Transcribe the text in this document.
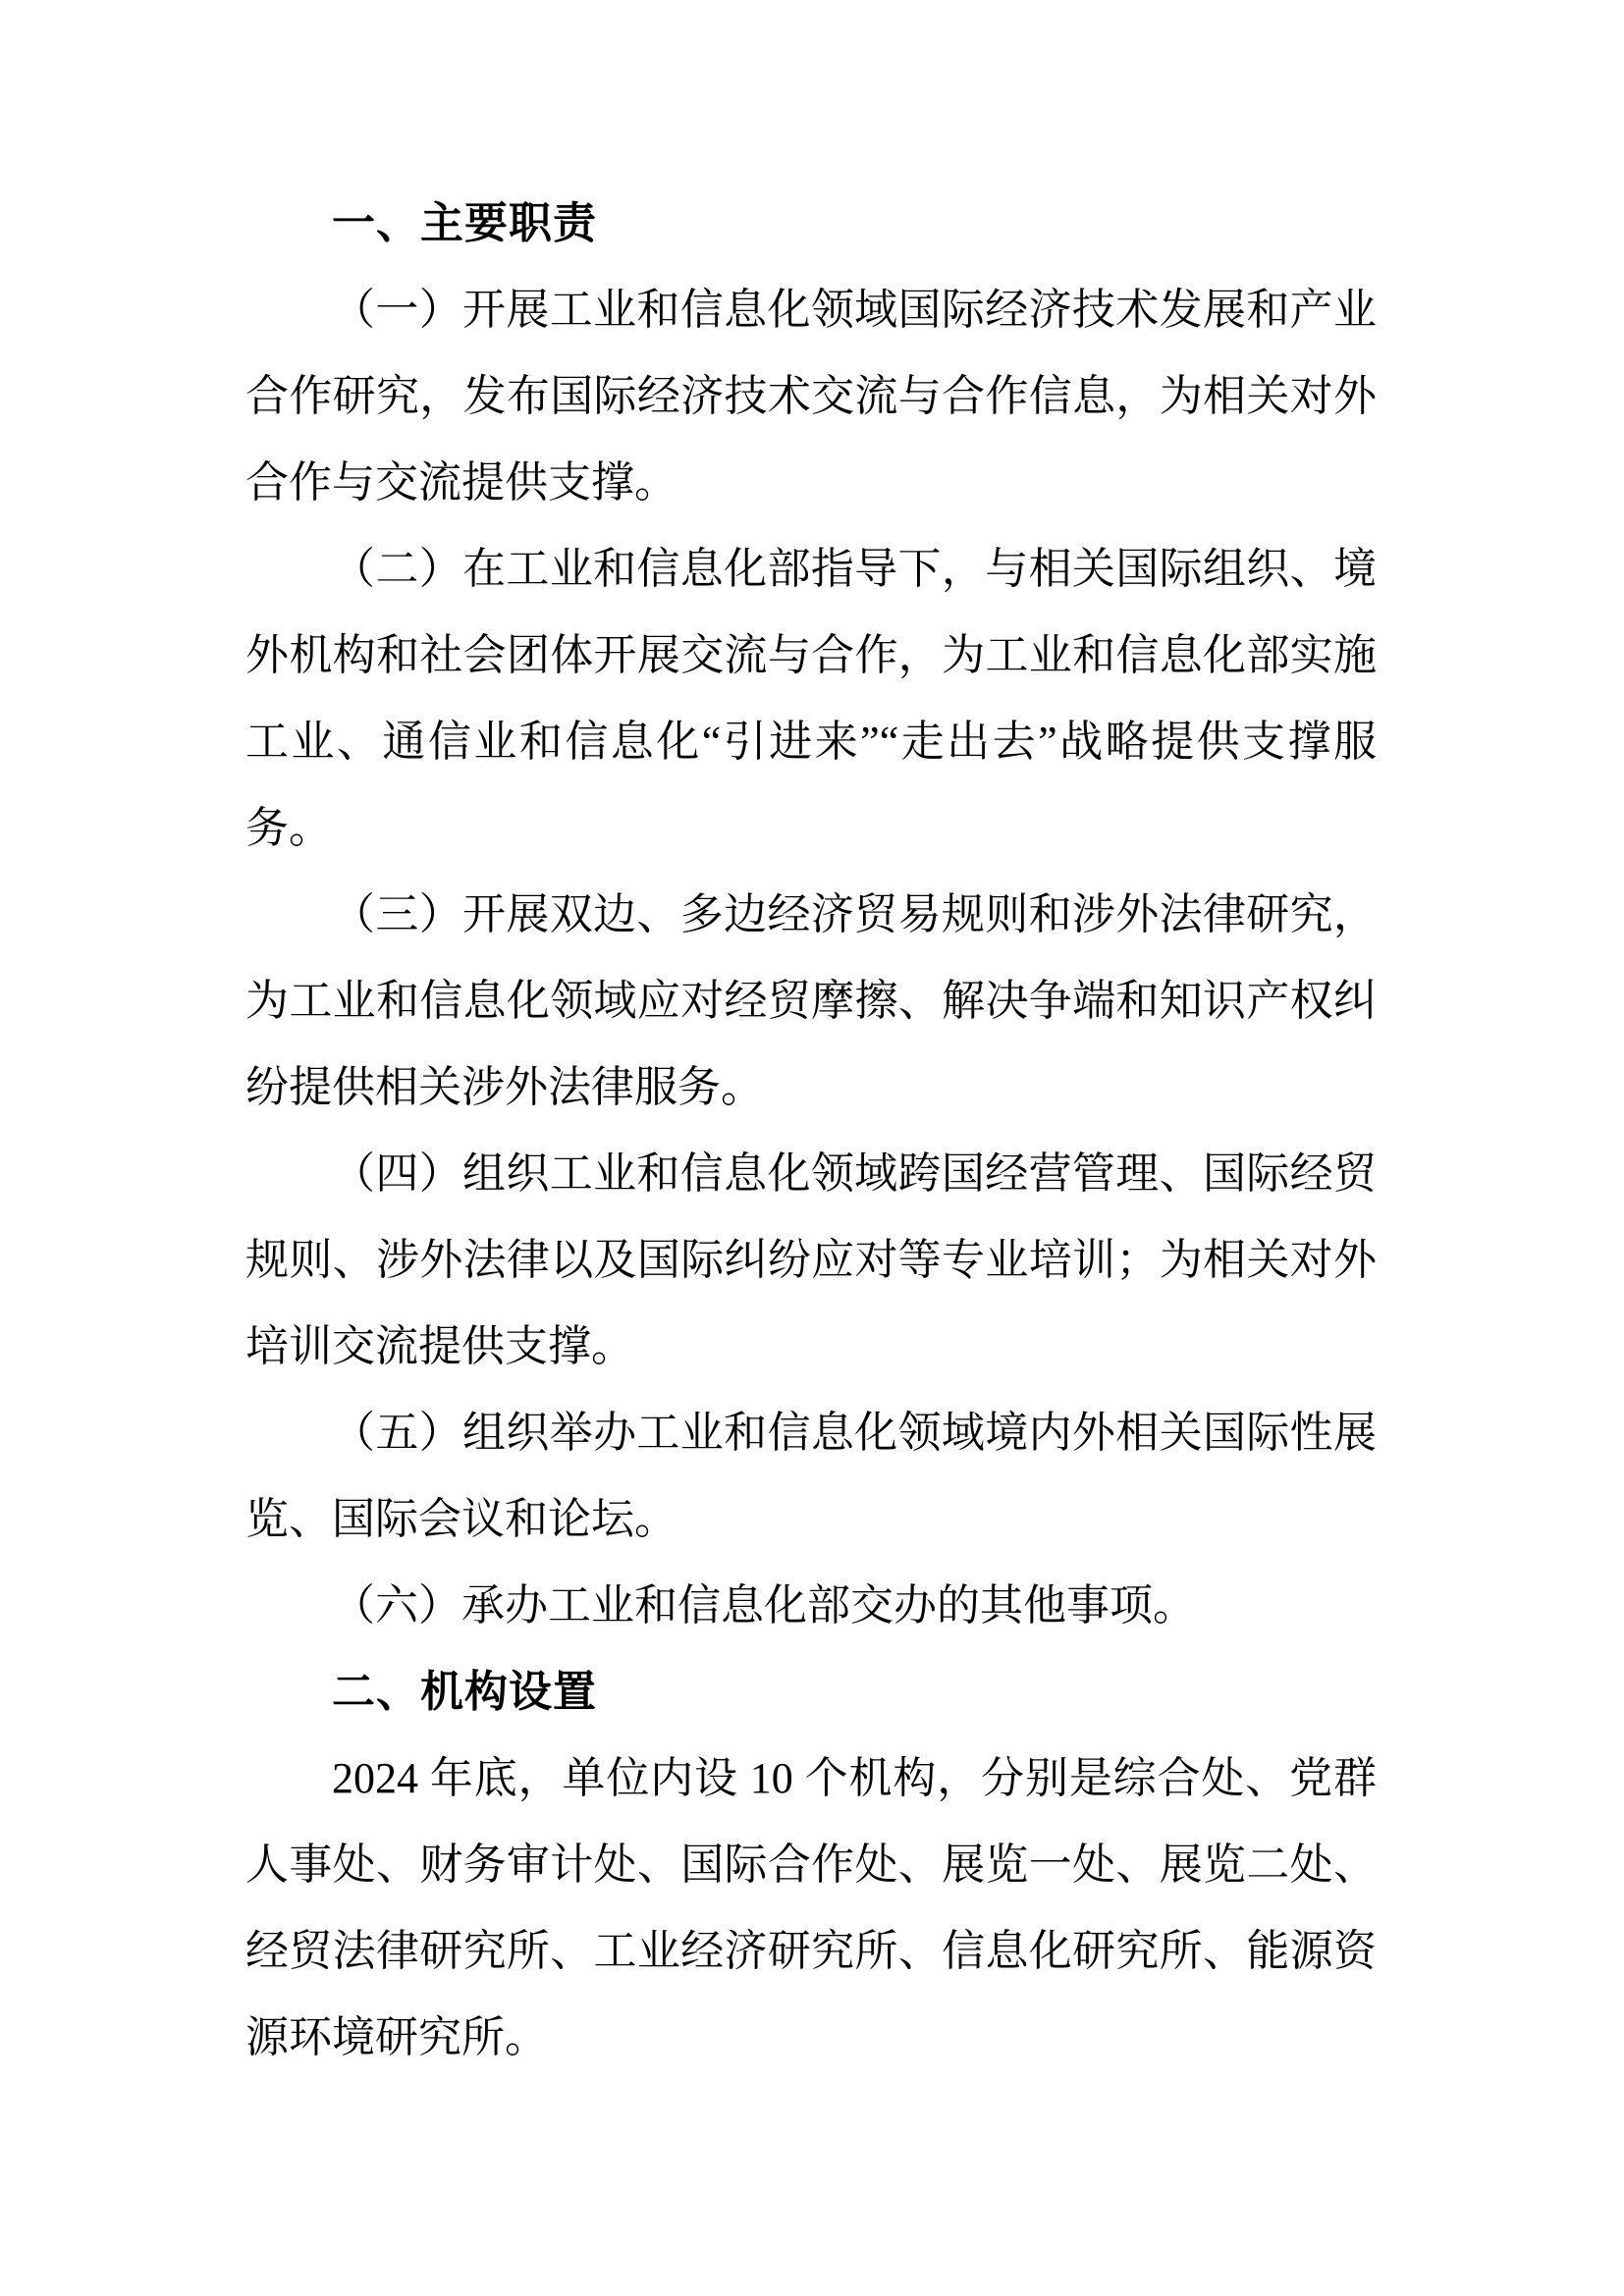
一、主要职责

（一）开展工业和信息化领域国际经济技术发展和产业合作研究，发布国际经济技术交流与合作信息，为相关对外合作与交流提供支撑。

（二）在工业和信息化部指导下，与相关国际组织、境外机构和社会团体开展交流与合作，为工业和信息化部实施工业、通信业和信息化“引进来”“走出去”战略提供支撑服务。

（三）开展双边、多边经济贸易规则和涉外法律研究，为工业和信息化领域应对经贸摩擦、解决争端和知识产权纠纷提供相关涉外法律服务。

（四）组织工业和信息化领域跨国经营管理、国际经贸规则、涉外法律以及国际纠纷应对等专业培训；为相关对外培训交流提供支撑。

（五）组织举办工业和信息化领域境内外相关国际性展览、国际会议和论坛。

（六）承办工业和信息化部交办的其他事项。

二、机构设置

2024 年底，单位内设 10 个机构，分别是综合处、党群人事处、财务审计处、国际合作处、展览一处、展览二处、经贸法律研究所、工业经济研究所、信息化研究所、能源资源环境研究所。
